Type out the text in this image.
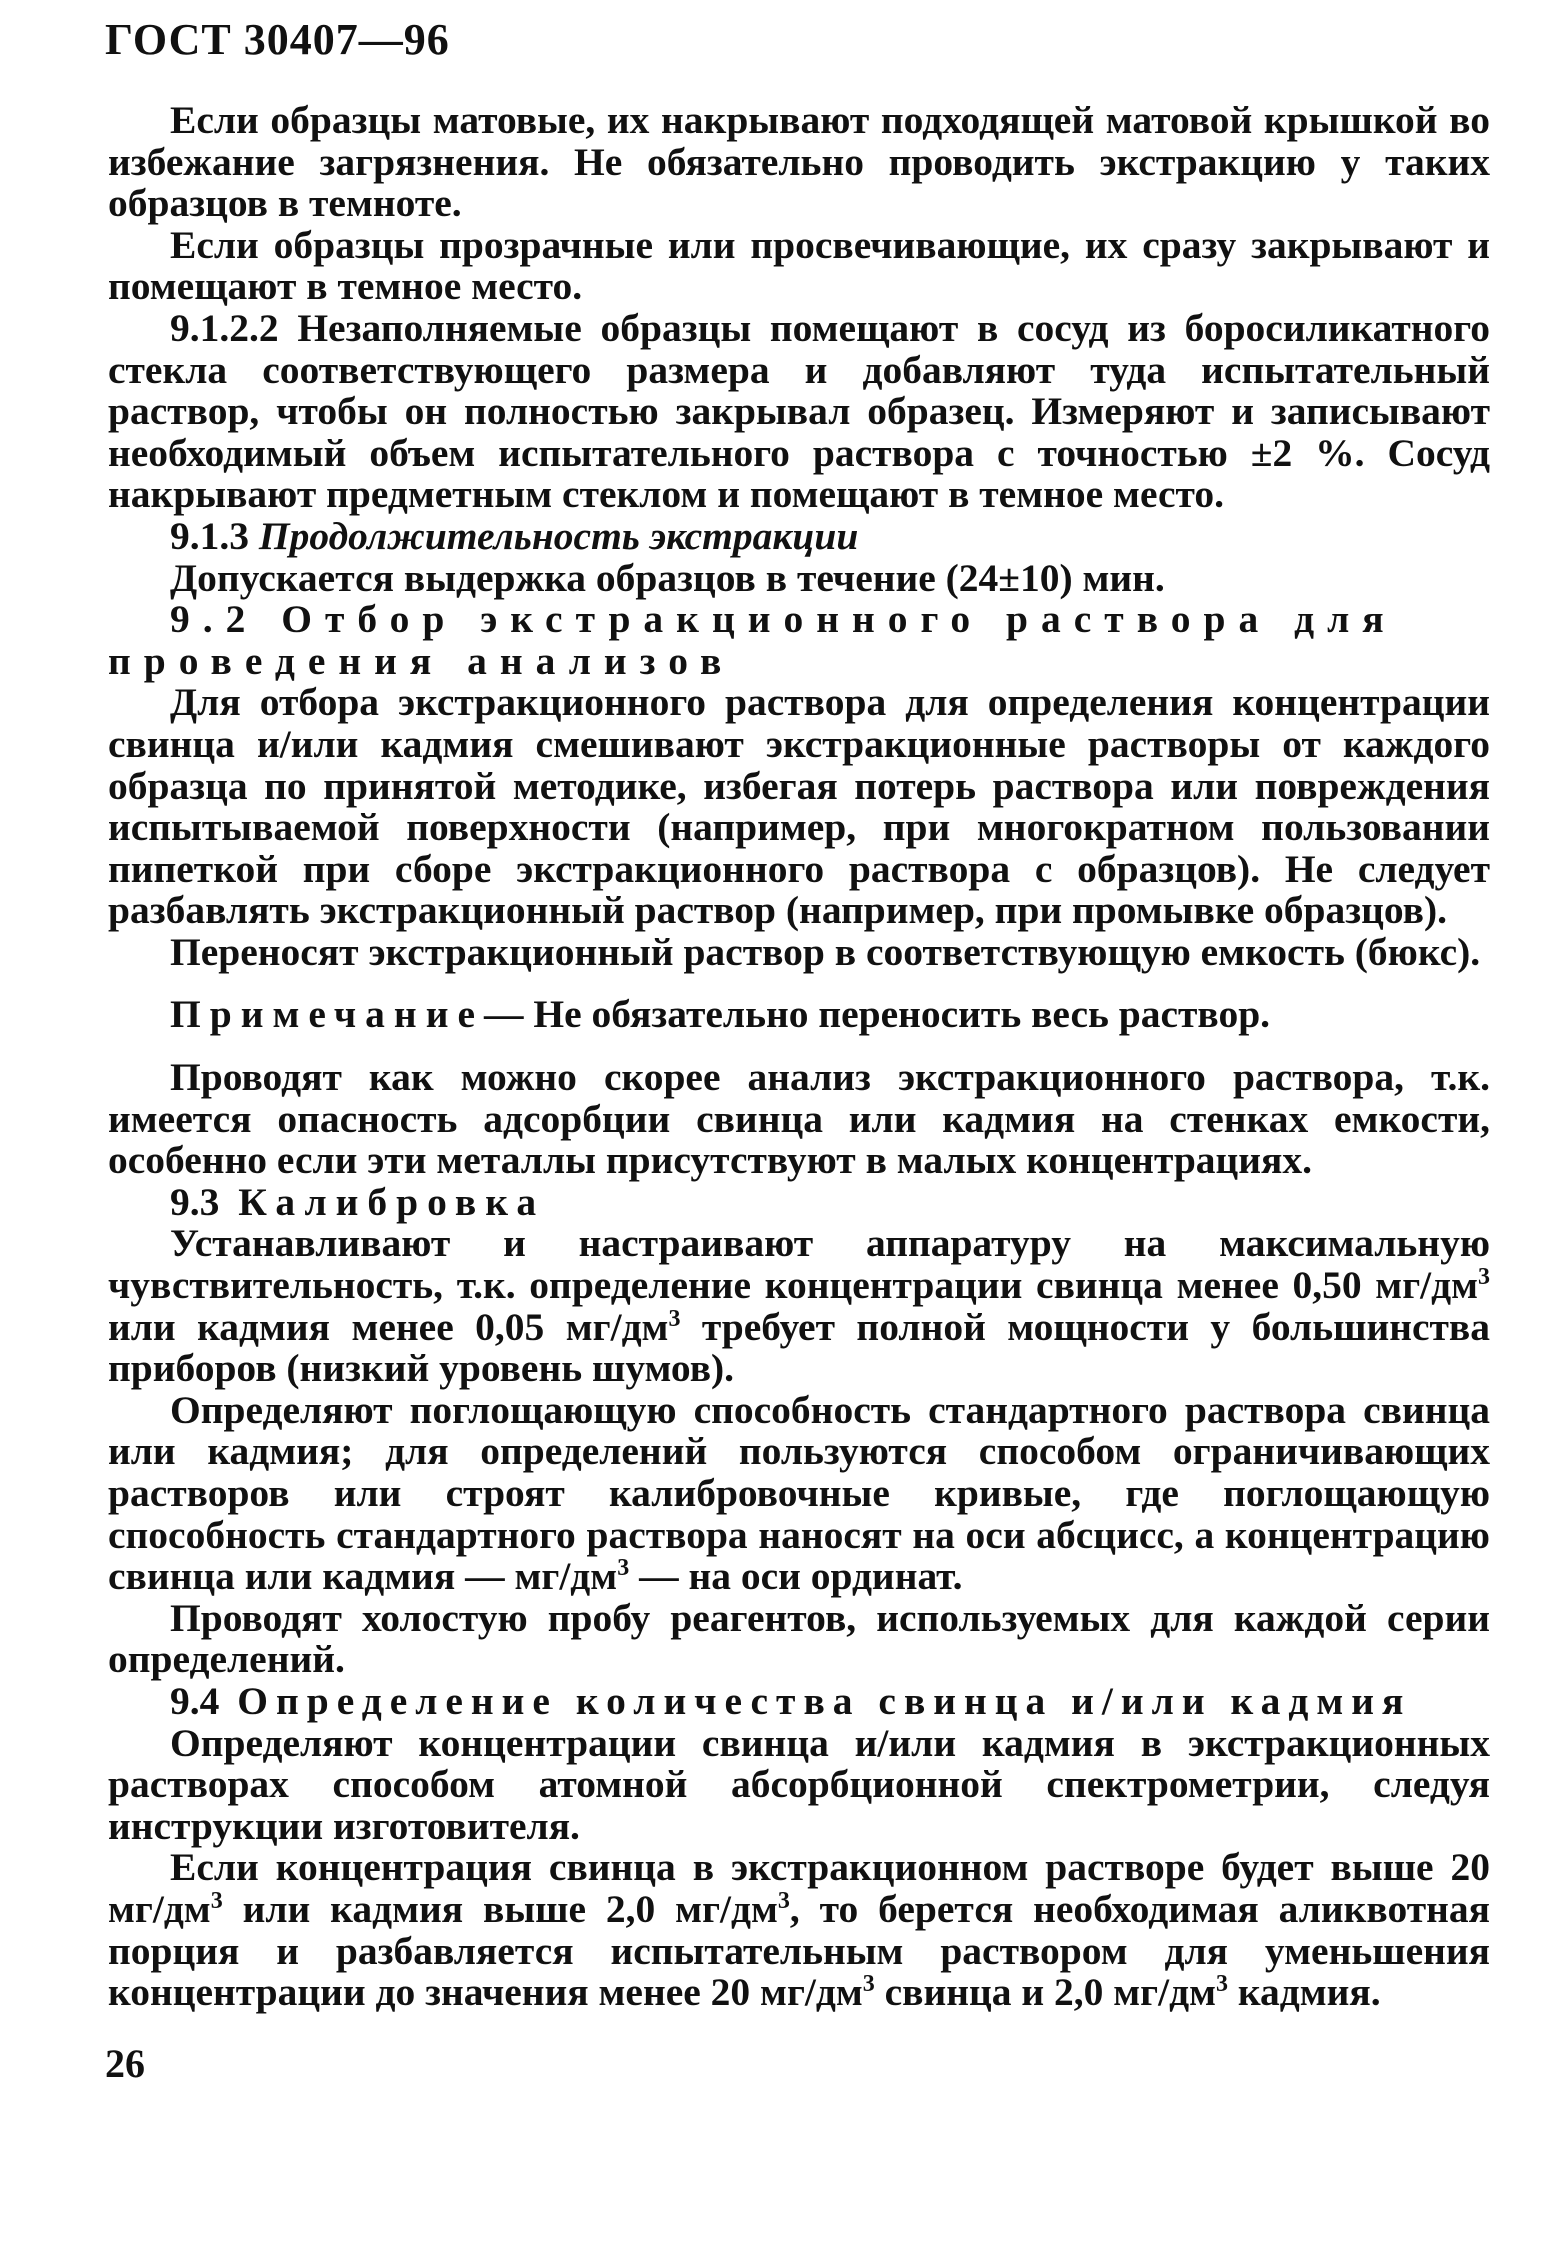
ГОСТ 30407—96

Если образцы матовые, их накрывают подходящей матовой крышкой во избежание загрязнения. Не обязательно проводить экстракцию у таких образцов в темноте.

Если образцы прозрачные или просвечивающие, их сразу закрывают и помещают в темное место.

9.1.2.2 Незаполняемые образцы помещают в сосуд из боросиликатного стекла соответствующего размера и добавляют туда испытательный раствор, чтобы он полностью закрывал образец. Измеряют и записывают необходимый объем испытательного раствора с точностью ±2 %. Сосуд накрывают предметным стеклом и помещают в темное место.

9.1.3 Продолжительность экстракции

Допускается выдержка образцов в течение (24±10) мин.

9.2 Отбор экстракционного раствора для проведения анализов

Для отбора экстракционного раствора для определения концентрации свинца и/или кадмия смешивают экстракционные растворы от каждого образца по принятой методике, избегая потерь раствора или повреждения испытываемой поверхности (например, при многократном пользовании пипеткой при сборе экстракционного раствора с образцов). Не следует разбавлять экстракционный раствор (например, при промывке образцов).

Переносят экстракционный раствор в соответствующую емкость (бюкс).

Примечание— Не обязательно переносить весь раствор.

Проводят как можно скорее анализ экстракционного раствора, т.к. имеется опасность адсорбции свинца или кадмия на стенках емкости, особенно если эти металлы присутствуют в малых концентрациях.

9.3 Калибровка

Устанавливают и настраивают аппаратуру на максимальную чувствительность, т.к. определение концентрации свинца менее 0,50 $мг/дм^3$ или кадмия менее 0,05 $мг/дм^3$ требует полной мощности у большинства приборов (низкий уровень шумов).

Определяют поглощающую способность стандартного раствора свинца или кадмия; для определений пользуются способом ограничивающих растворов или строят калибровочные кривые, где поглощающую способность стандартного раствора наносят на оси абсцисс, а концентрацию свинца или кадмия — $мг/дм^3$ — на оси ординат.

Проводят холостую пробу реагентов, используемых для каждой серии определений.

9.4 Определение количества свинца и/или кадмия

Определяют концентрации свинца и/или кадмия в экстракционных растворах способом атомной абсорбционной спектрометрии, следуя инструкции изготовителя.

Если концентрация свинца в экстракционном растворе будет выше 20 $мг/дм^3$ или кадмия выше 2,0 $мг/дм^3$, то берется необходимая аликвотная порция и разбавляется испытательным раствором для уменьшения концентрации до значения менее 20 $мг/дм^3$ свинца и 2,0 $мг/дм^3$ кадмия.

26
